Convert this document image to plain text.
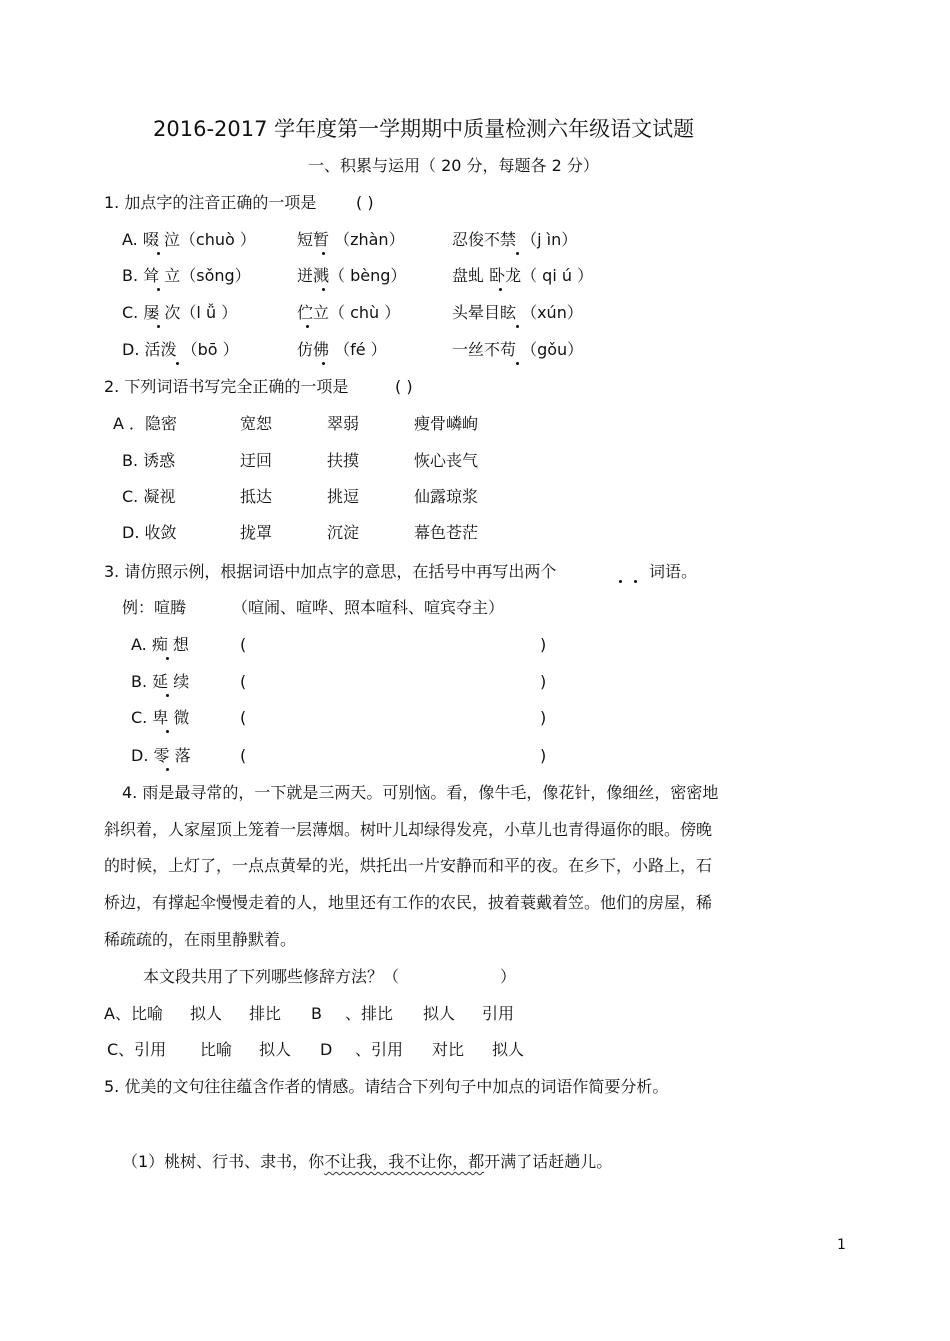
2016-2017 学年度第一学期期中质量检测六年级语文试题
一、积累与运用（ 20 分，每题各 2 分）
1. 加点字的注音正确的一项是 ( )
A. 啜 泣（chuò ）	短暂 （zhàn）	忍俊不禁 （j ìn）
B. 耸 立（sǒng）	迸溅（ bèng）	盘虬 卧龙（ qi ú ）
C. 屡 次（l ǚ ）	伫立（ chù ）	头晕目眩 （xún）
D. 活泼 （bō ）	仿佛 （fé ）	一丝不苟 （gǒu）
2. 下列词语书写完全正确的一项是	( )
A ．隐密	宽恕	翠弱	瘦骨嶙峋
B. 诱惑	迂回	扶摸	恢心丧气
C. 凝视	抵达	挑逗	仙露琼浆
D. 收敛	拢罩	沉淀	幕色苍茫
3. 请仿照示例，根据词语中加点字的意思，在括号中再写出两个	词语。
例：喧腾	（喧闹、喧哗、照本喧科、喧宾夺主）
A. 痴 想	(	)
B. 延 续	(	)
C. 卑 微	(	)
D. 零 落	(	)
4. 雨是最寻常的，一下就是三两天。可别恼。看，像牛毛，像花针，像细丝，密密地
斜织着，人家屋顶上笼着一层薄烟。树叶儿却绿得发亮，小草儿也青得逼你的眼。傍晚
的时候，上灯了，一点点黄晕的光，烘托出一片安静而和平的夜。在乡下，小路上，石
桥边，有撑起伞慢慢走着的人，地里还有工作的农民，披着蓑戴着笠。他们的房屋，稀
稀疏疏的，在雨里静默着。
本文段共用了下列哪些修辞方法？（	）
A、比喻 拟人 排比 B 、排比 拟人 引用
C、引用 比喻 拟人 D 、引用 对比 拟人
5. 优美的文句往往蕴含作者的情感。请结合下列句子中加点的词语作简要分析。
（1）桃树、行书、隶书，你不让我，我不让你，都开满了话赶趟儿。
1
